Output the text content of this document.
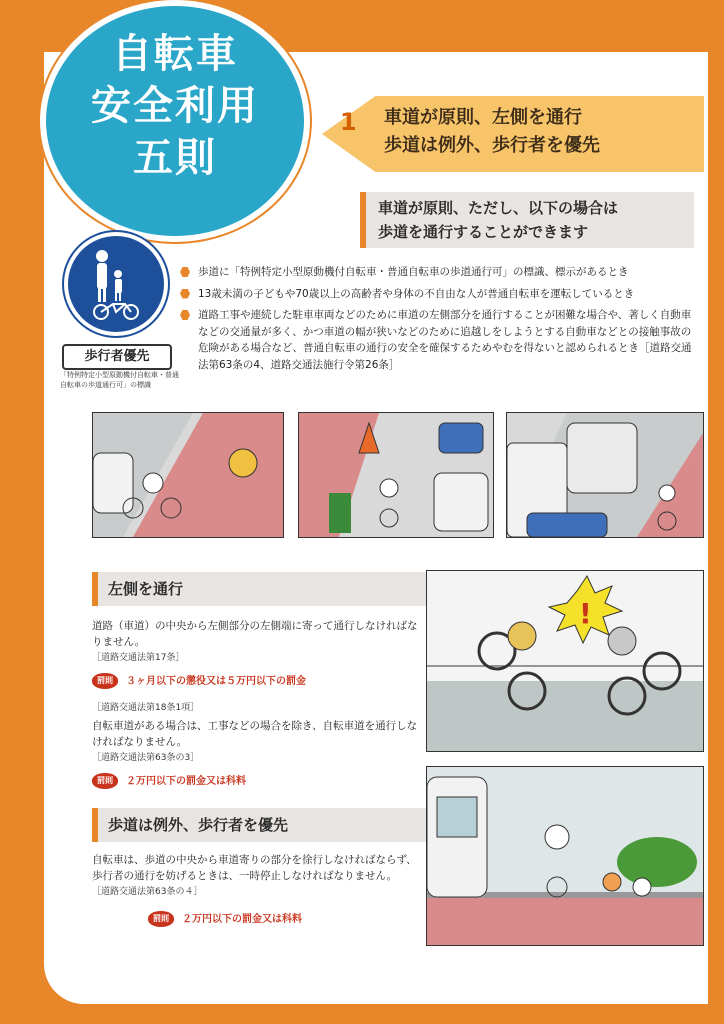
自転車
安全利用
五則
1	車道が原則、左側を通行
歩道は例外、歩行者を優先
車道が原則、ただし、以下の場合は
歩道を通行することができます
歩行者優先
「特例特定小型原動機付自転車・普通自転車の歩道通行可」の標識
歩道に「特例特定小型原動機付自転車・普通自転車の歩道通行可」の標識、標示があるとき
13歳未満の子どもや70歳以上の高齢者や身体の不自由な人が普通自転車を運転しているとき
道路工事や連続した駐車車両などのために車道の左側部分を通行することが困難な場合や、著しく自動車などの交通量が多く、かつ車道の幅が狭いなどのために追越しをしようとする自動車などとの接触事故の危険がある場合など、普通自転車の通行の安全を確保するためやむを得ないと認められるとき［道路交通法第63条の4、道路交通法施行令第26条］
左側を通行
道路（車道）の中央から左側部分の左側端に寄って通行しなければなりません。
［道路交通法第17条］
罰則 ３ヶ月以下の懲役又は５万円以下の罰金
［道路交通法第18条1項］
自転車道がある場合は、工事などの場合を除き、自転車道を通行しなければなりません。
［道路交通法第63条の3］
罰則 ２万円以下の罰金又は科料
歩道は例外、歩行者を優先
自転車は、歩道の中央から車道寄りの部分を徐行しなければならず、歩行者の通行を妨げるときは、一時停止しなければなりません。
［道路交通法第63条の４］
罰則 ２万円以下の罰金又は科料
!
